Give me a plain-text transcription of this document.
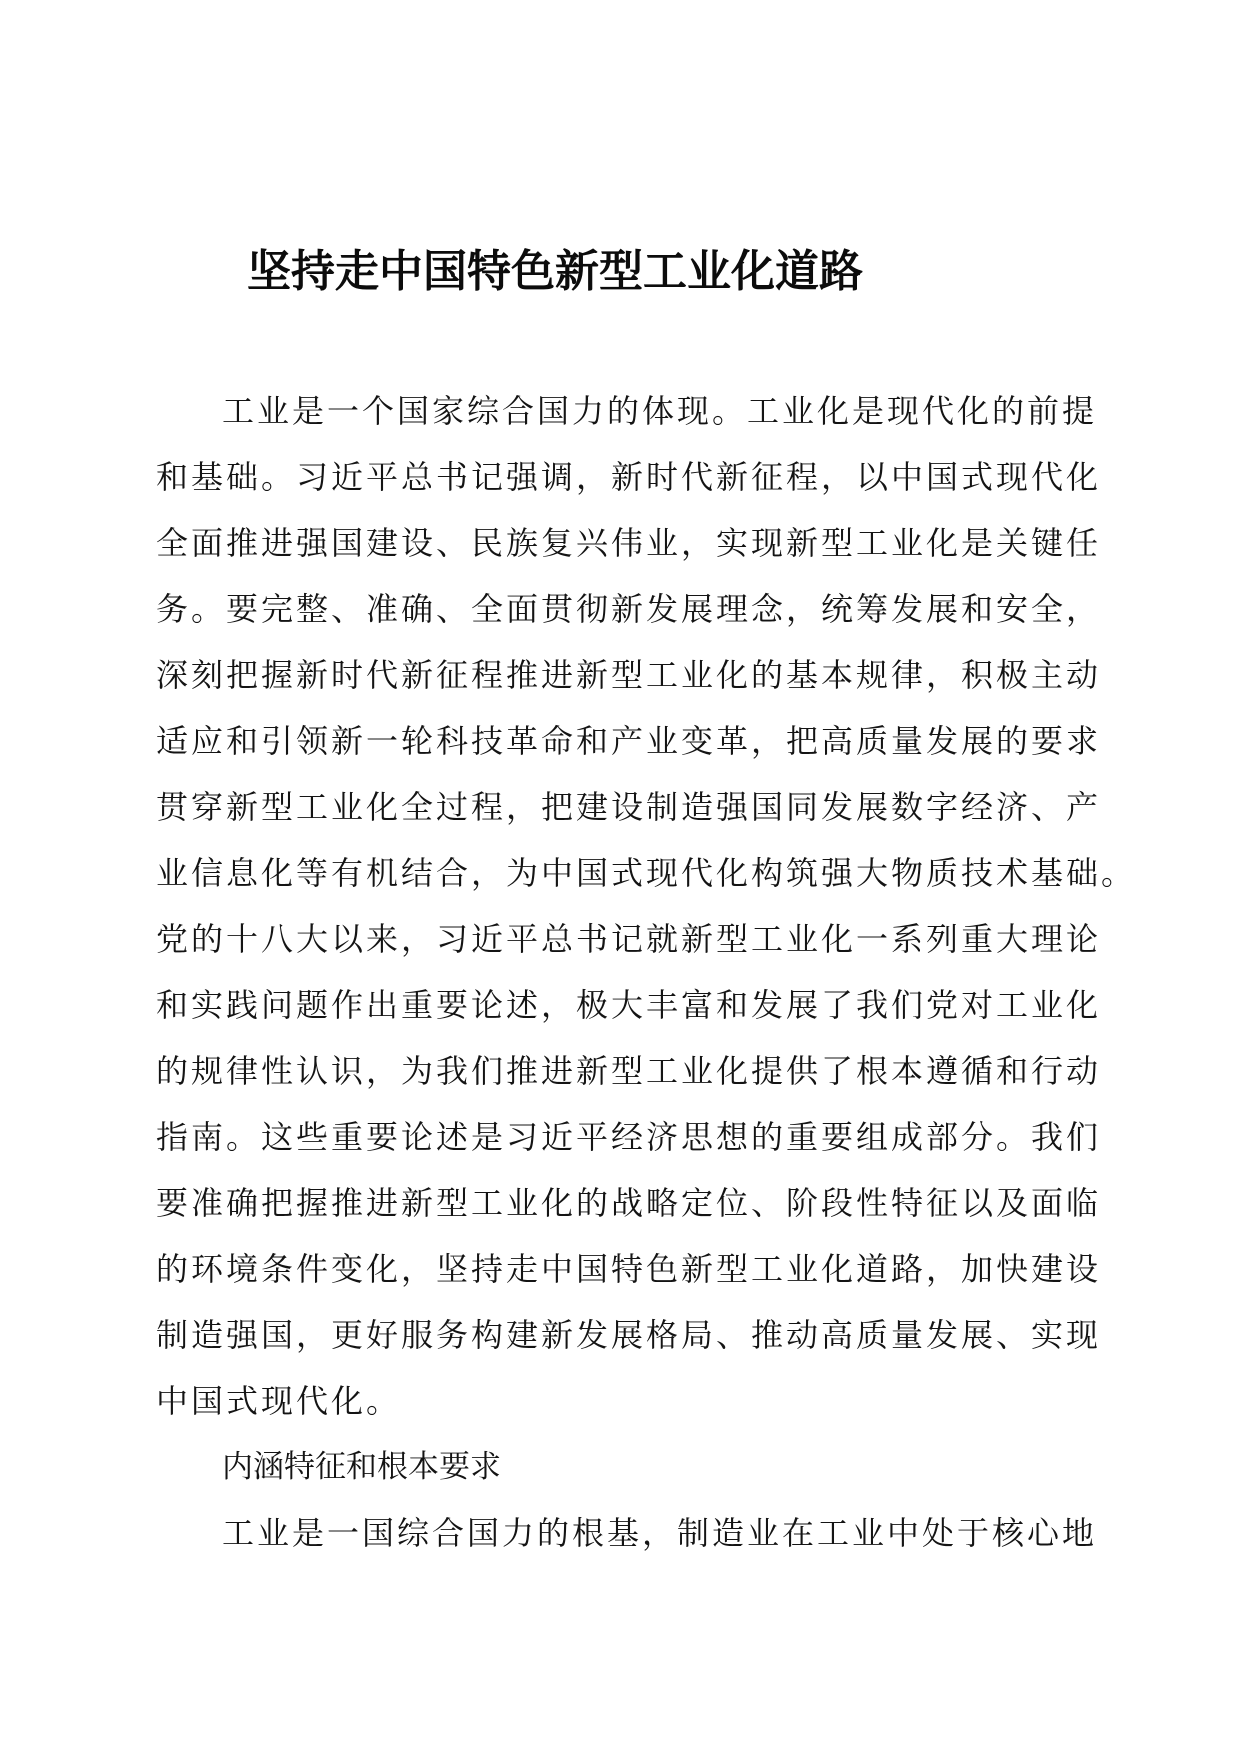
坚持走中国特色新型工业化道路
工业是一个国家综合国力的体现。工业化是现代化的前提
和基础。习近平总书记强调，新时代新征程，以中国式现代化
全面推进强国建设、民族复兴伟业，实现新型工业化是关键任
务。要完整、准确、全面贯彻新发展理念，统筹发展和安全，
深刻把握新时代新征程推进新型工业化的基本规律，积极主动
适应和引领新一轮科技革命和产业变革，把高质量发展的要求
贯穿新型工业化全过程，把建设制造强国同发展数字经济、产
业信息化等有机结合，为中国式现代化构筑强大物质技术基础。
党的十八大以来，习近平总书记就新型工业化一系列重大理论
和实践问题作出重要论述，极大丰富和发展了我们党对工业化
的规律性认识，为我们推进新型工业化提供了根本遵循和行动
指南。这些重要论述是习近平经济思想的重要组成部分。我们
要准确把握推进新型工业化的战略定位、阶段性特征以及面临
的环境条件变化，坚持走中国特色新型工业化道路，加快建设
制造强国，更好服务构建新发展格局、推动高质量发展、实现
中国式现代化。
内涵特征和根本要求
工业是一国综合国力的根基，制造业在工业中处于核心地
